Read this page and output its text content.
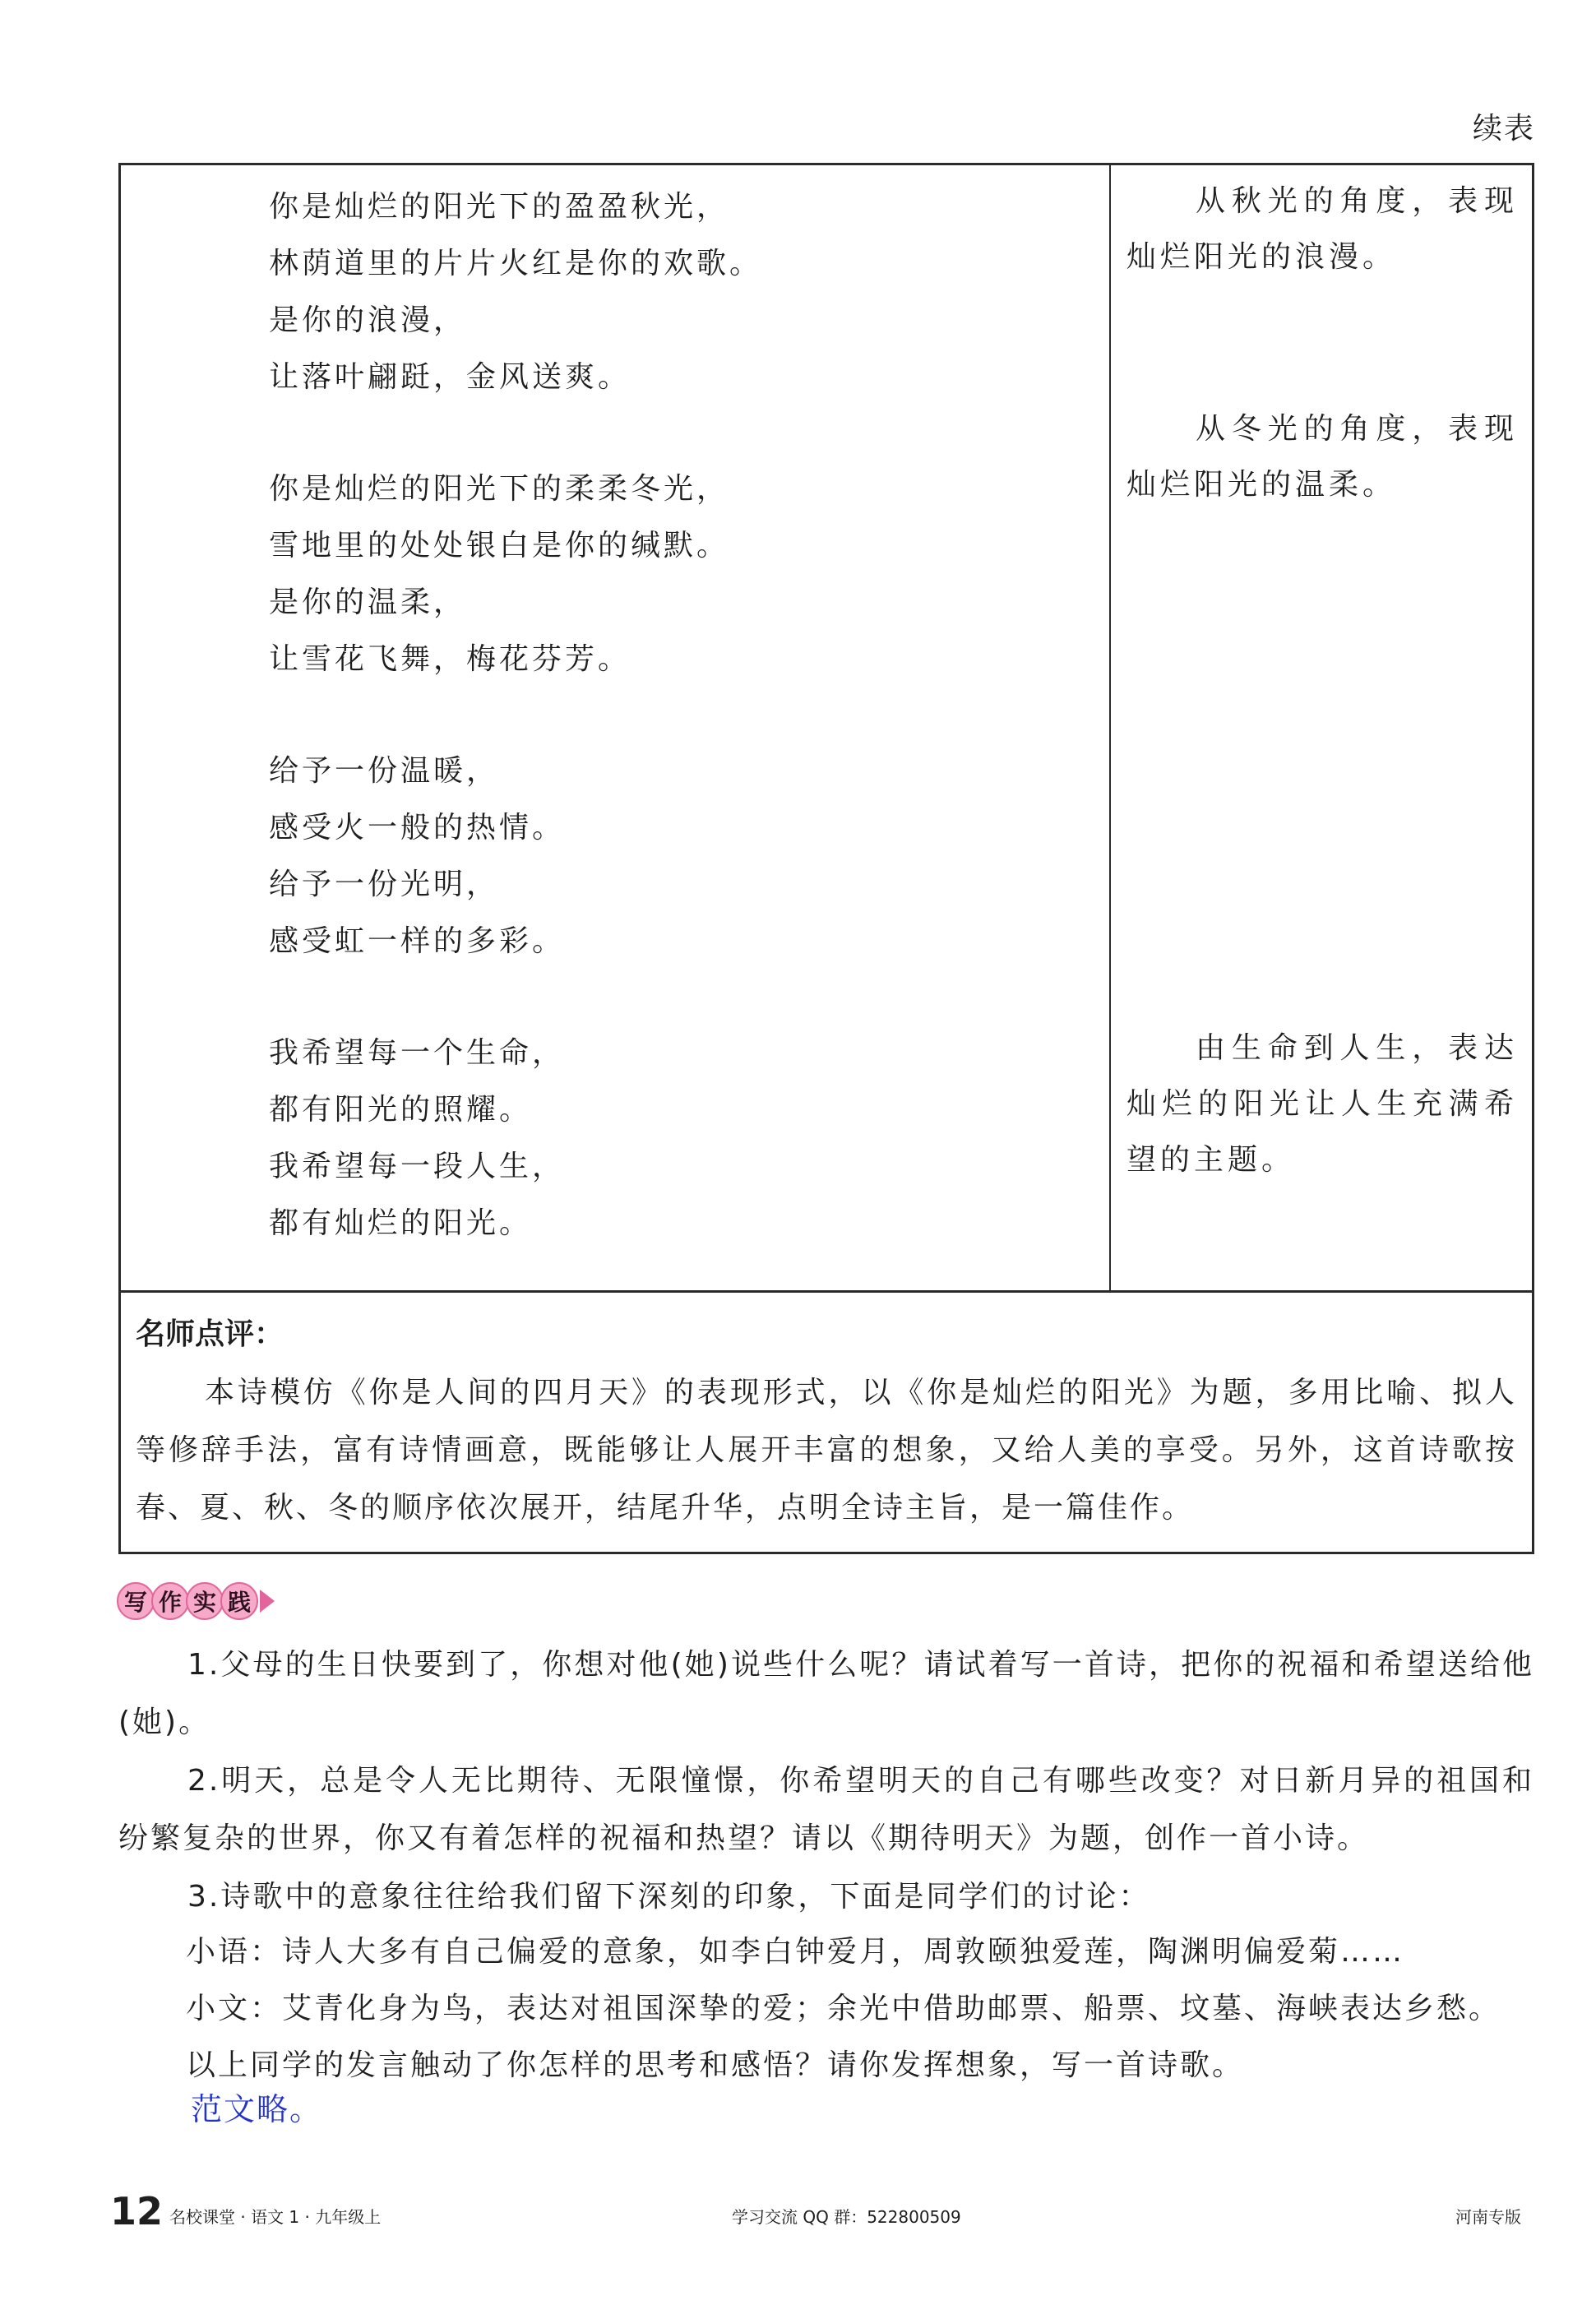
续表
你是灿烂的阳光下的盈盈秋光，
林荫道里的片片火红是你的欢歌。
是你的浪漫，
让落叶翩跹，金风送爽。
你是灿烂的阳光下的柔柔冬光，
雪地里的处处银白是你的缄默。
是你的温柔，
让雪花飞舞，梅花芬芳。
给予一份温暖，
感受火一般的热情。
给予一份光明，
感受虹一样的多彩。
我希望每一个生命，
都有阳光的照耀。
我希望每一段人生，
都有灿烂的阳光。
从秋光的角度，表现灿烂阳光的浪漫。
从冬光的角度，表现灿烂阳光的温柔。
由生命到人生，表达灿烂的阳光让人生充满希望的主题。
名师点评：
本诗模仿《你是人间的四月天》的表现形式，以《你是灿烂的阳光》为题，多用比喻、拟人等修辞手法，富有诗情画意，既能够让人展开丰富的想象，又给人美的享受。另外，这首诗歌按春、夏、秋、冬的顺序依次展开，结尾升华，点明全诗主旨，是一篇佳作。
写 作 实 践
1.父母的生日快要到了，你想对他(她)说些什么呢？请试着写一首诗，把你的祝福和希望送给他(她)。
2.明天，总是令人无比期待、无限憧憬，你希望明天的自己有哪些改变？对日新月异的祖国和纷繁复杂的世界，你又有着怎样的祝福和热望？请以《期待明天》为题，创作一首小诗。
3.诗歌中的意象往往给我们留下深刻的印象，下面是同学们的讨论：
小语：诗人大多有自己偏爱的意象，如李白钟爱月，周敦颐独爱莲，陶渊明偏爱菊……
小文：艾青化身为鸟，表达对祖国深挚的爱；余光中借助邮票、船票、坟墓、海峡表达乡愁。
以上同学的发言触动了你怎样的思考和感悟？请你发挥想象，写一首诗歌。
范文略。
12 名校课堂 · 语文 1 · 九年级上	学习交流 QQ 群：522800509	河南专版
